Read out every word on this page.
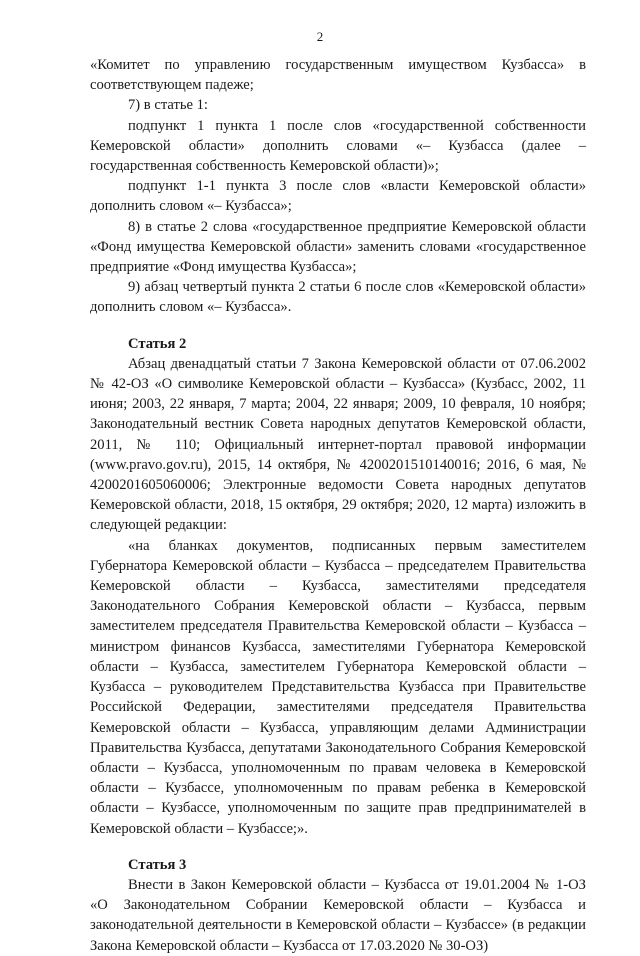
2

«Комитет по управлению государственным имуществом Кузбасса» в соответствующем падеже;

7) в статье 1:

подпункт 1 пункта 1 после слов «государственной собственности Кемеровской области» дополнить словами «– Кузбасса (далее – государственная собственность Кемеровской области)»;

подпункт 1-1 пункта 3 после слов «власти Кемеровской области» дополнить словом «– Кузбасса»;

8) в статье 2 слова «государственное предприятие Кемеровской области «Фонд имущества Кемеровской области» заменить словами «государственное предприятие «Фонд имущества Кузбасса»;

9) абзац четвертый пункта 2 статьи 6 после слов «Кемеровской области» дополнить словом «– Кузбасса».

Статья 2

Абзац двенадцатый статьи 7 Закона Кемеровской области от 07.06.2002 № 42-ОЗ «О символике Кемеровской области – Кузбасса» (Кузбасс, 2002, 11 июня; 2003, 22 января, 7 марта; 2004, 22 января; 2009, 10 февраля, 10 ноября; Законодательный вестник Совета народных депутатов Кемеровской области, 2011, № 110; Официальный интернет-портал правовой информации (www.pravo.gov.ru), 2015, 14 октября, № 4200201510140016; 2016, 6 мая, № 4200201605060006; Электронные ведомости Совета народных депутатов Кемеровской области, 2018, 15 октября, 29 октября; 2020, 12 марта) изложить в следующей редакции:

«на бланках документов, подписанных первым заместителем Губернатора Кемеровской области – Кузбасса – председателем Правительства Кемеровской области – Кузбасса, заместителями председателя Законодательного Собрания Кемеровской области – Кузбасса, первым заместителем председателя Правительства Кемеровской области – Кузбасса – министром финансов Кузбасса, заместителями Губернатора Кемеровской области – Кузбасса, заместителем Губернатора Кемеровской области – Кузбасса – руководителем Представительства Кузбасса при Правительстве Российской Федерации, заместителями председателя Правительства Кемеровской области – Кузбасса, управляющим делами Администрации Правительства Кузбасса, депутатами Законодательного Собрания Кемеровской области – Кузбасса, уполномоченным по правам человека в Кемеровской области – Кузбассе, уполномоченным по правам ребенка в Кемеровской области – Кузбассе, уполномоченным по защите прав предпринимателей в Кемеровской области – Кузбассе;».

Статья 3

Внести в Закон Кемеровской области – Кузбасса от 19.01.2004 № 1-ОЗ «О Законодательном Собрании Кемеровской области – Кузбасса и законодательной деятельности в Кемеровской области – Кузбассе» (в редакции Закона Кемеровской области – Кузбасса от 17.03.2020 № 30-ОЗ)
